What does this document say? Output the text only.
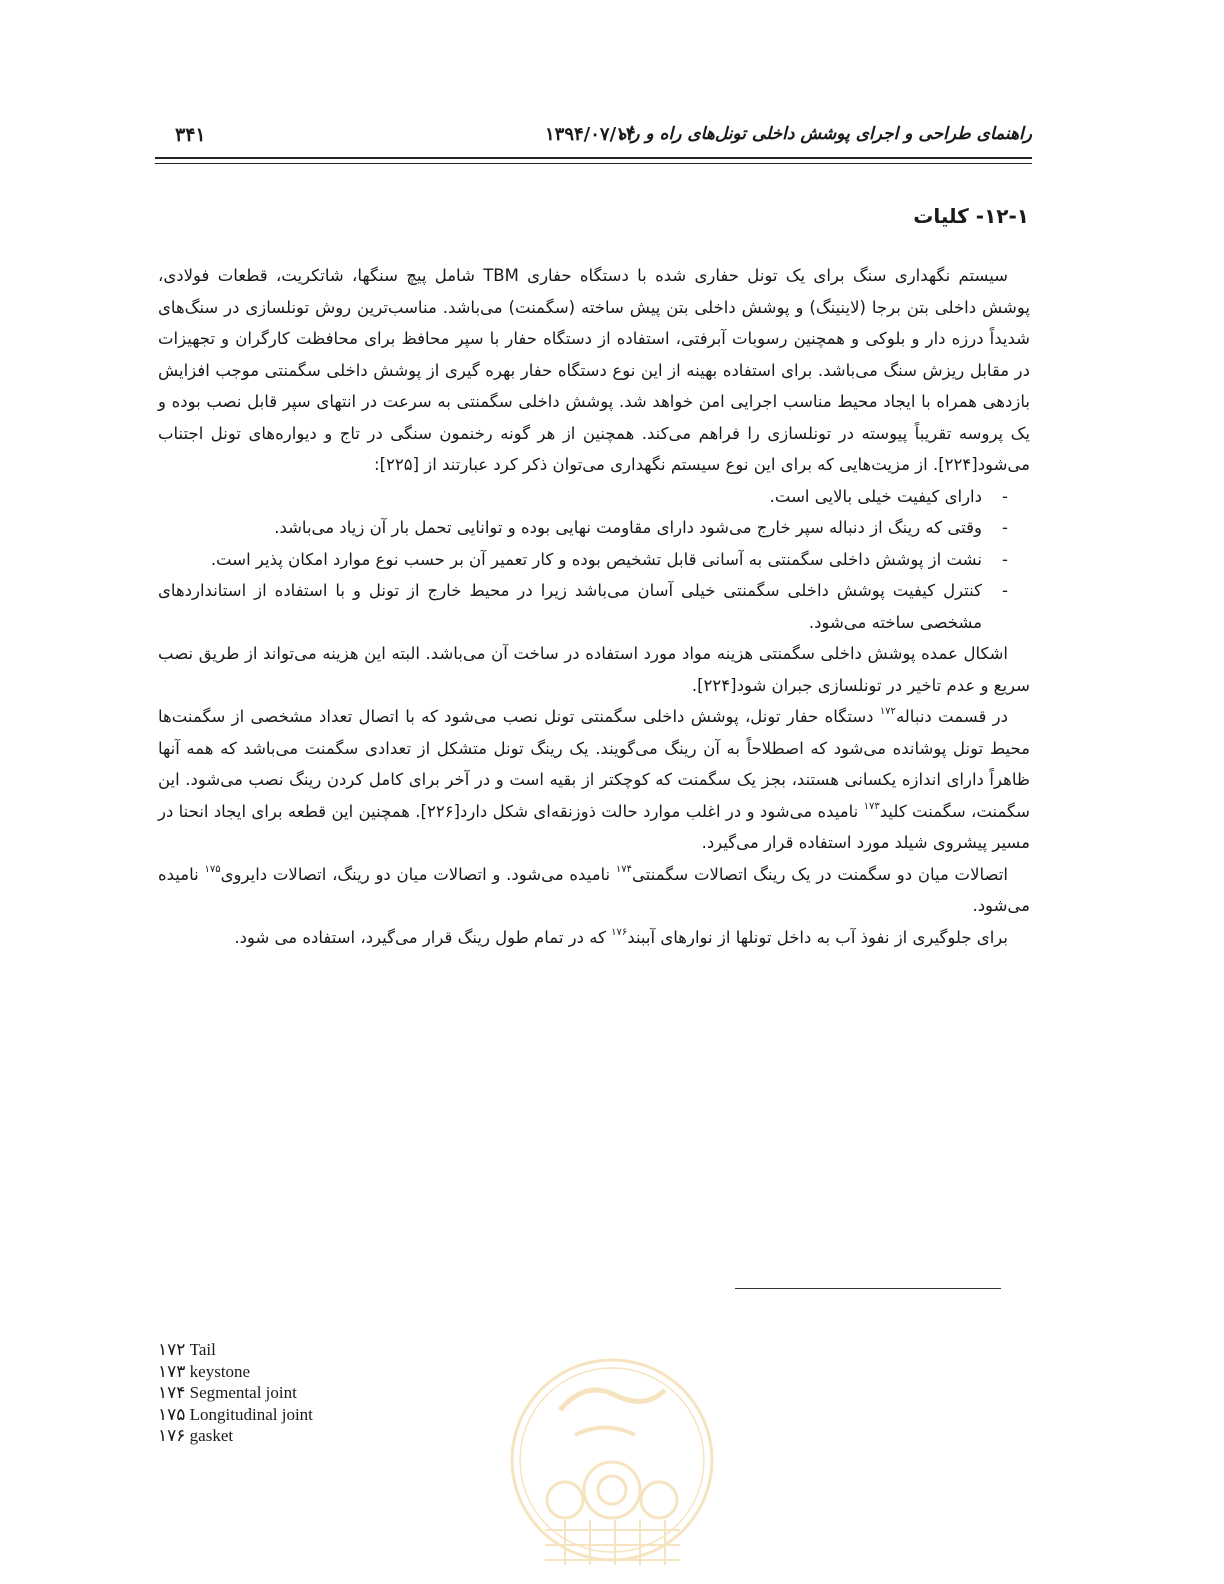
۳۴۱	۱۳۹۴/۰۷/۱۴
راهنمای طراحی و اجرای پوشش داخلی تونل‌های راه و راه
۱۲-۱- کلیات

سیستم نگهداری سنگ برای یک تونل حفاری شده با دستگاه حفاری TBM شامل پیچ سنگها، شاتکریت، قطعات فولادی، پوشش داخلی بتن برجا (لاینینگ) و پوشش داخلی بتن پیش ساخته (سگمنت) می‌باشد. مناسب‌ترین روش تونلسازی در سنگ‌های شدیداً درزه دار و بلوکی و همچنین رسوبات آبرفتی، استفاده از دستگاه حفار با سپر محافظ برای محافظت کارگران و تجهیزات در مقابل ریزش سنگ می‌باشد. برای استفاده بهینه از این نوع دستگاه حفار بهره گیری از پوشش داخلی سگمنتی موجب افزایش بازدهی همراه با ایجاد محیط مناسب اجرایی امن خواهد شد. پوشش داخلی سگمنتی به سرعت در انتهای سپر قابل نصب بوده و یک پروسه تقریباً پیوسته در تونلسازی را فراهم می‌کند. همچنین از هر گونه رخنمون سنگی در تاج و دیواره‌های تونل اجتناب می‌شود[۲۲۴]. از مزیت‌هایی که برای این نوع سیستم نگهداری می‌توان ذکر کرد عبارتند از [۲۲۵]:

- دارای کیفیت خیلی بالایی است.
- وقتی که رینگ از دنباله سپر خارج می‌شود دارای مقاومت نهایی بوده و توانایی تحمل بار آن زیاد می‌باشد.
- نشت از پوشش داخلی سگمنتی به آسانی قابل تشخیص بوده و کار تعمیر آن بر حسب نوع موارد امکان پذیر است.
- کنترل کیفیت پوشش داخلی سگمنتی خیلی آسان می‌باشد زیرا در محیط خارج از تونل و با استفاده از استانداردهای مشخصی ساخته می‌شود.

اشکال عمده پوشش داخلی سگمنتی هزینه مواد مورد استفاده در ساخت آن می‌باشد. البته این هزینه می‌تواند از طریق نصب سریع و عدم تاخیر در تونلسازی جبران شود[۲۲۴].

در قسمت دنباله$^{۱۷۲}$ دستگاه حفار تونل، پوشش داخلی سگمنتی تونل نصب می‌شود که با اتصال تعداد مشخصی از سگمنت‌ها محیط تونل پوشانده می‌شود که اصطلاحاً به آن رینگ می‌گویند. یک رینگ تونل متشکل از تعدادی سگمنت می‌باشد که همه آنها ظاهراً دارای اندازه یکسانی هستند، بجز یک سگمنت که کوچکتر از بقیه است و در آخر برای کامل کردن رینگ نصب می‌شود. این سگمنت، سگمنت کلید$^{۱۷۳}$ نامیده می‌شود و در اغلب موارد حالت ذوزنقه‌ای شکل دارد[۲۲۶]. همچنین این قطعه برای ایجاد انحنا در مسیر پیشروی شیلد مورد استفاده قرار می‌گیرد.

اتصالات میان دو سگمنت در یک رینگ اتصالات سگمنتی$^{۱۷۴}$ نامیده می‌شود. و اتصالات میان دو رینگ، اتصالات دایروی$^{۱۷۵}$ نامیده می‌شود.

برای جلوگیری از نفوذ آب به داخل تونلها از نوارهای آببند$^{۱۷۶}$ که در تمام طول رینگ قرار می‌گیرد، استفاده می شود.

۱۷۲ Tail
۱۷۳ keystone
۱۷۴ Segmental joint
۱۷۵ Longitudinal joint
۱۷۶ gasket
